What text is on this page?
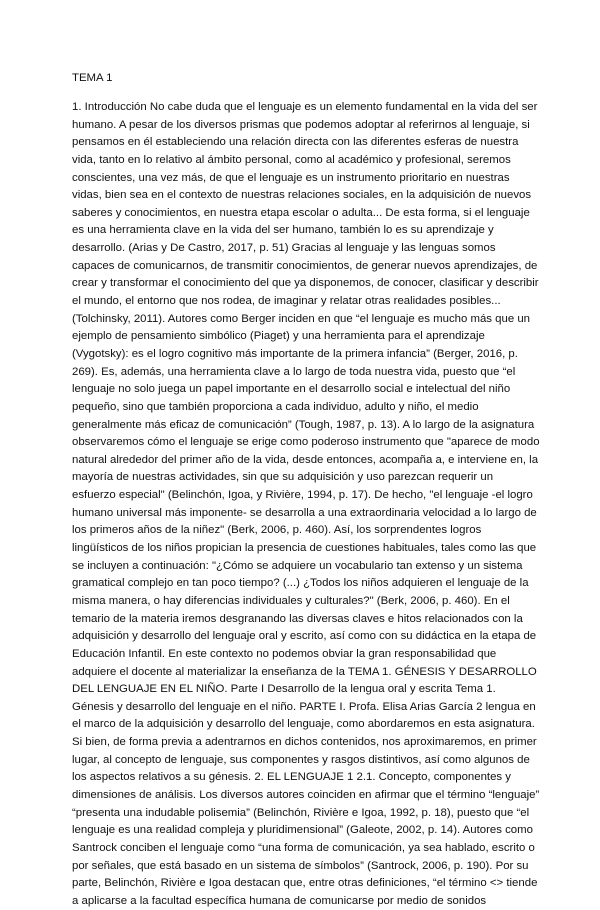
TEMA 1
1. Introducción No cabe duda que el lenguaje es un elemento fundamental en la vida del ser
humano. A pesar de los diversos prismas que podemos adoptar al referirnos al lenguaje, si
pensamos en él estableciendo una relación directa con las diferentes esferas de nuestra
vida, tanto en lo relativo al ámbito personal, como al académico y profesional, seremos
conscientes, una vez más, de que el lenguaje es un instrumento prioritario en nuestras
vidas, bien sea en el contexto de nuestras relaciones sociales, en la adquisición de nuevos
saberes y conocimientos, en nuestra etapa escolar o adulta... De esta forma, si el lenguaje
es una herramienta clave en la vida del ser humano, también lo es su aprendizaje y
desarrollo. (Arias y De Castro, 2017, p. 51) Gracias al lenguaje y las lenguas somos
capaces de comunicarnos, de transmitir conocimientos, de generar nuevos aprendizajes, de
crear y transformar el conocimiento del que ya disponemos, de conocer, clasificar y describir
el mundo, el entorno que nos rodea, de imaginar y relatar otras realidades posibles...
(Tolchinsky, 2011). Autores como Berger inciden en que “el lenguaje es mucho más que un
ejemplo de pensamiento simbólico (Piaget) y una herramienta para el aprendizaje
(Vygotsky): es el logro cognitivo más importante de la primera infancia” (Berger, 2016, p.
269). Es, además, una herramienta clave a lo largo de toda nuestra vida, puesto que “el
lenguaje no solo juega un papel importante en el desarrollo social e intelectual del niño
pequeño, sino que también proporciona a cada individuo, adulto y niño, el medio
generalmente más eficaz de comunicación” (Tough, 1987, p. 13). A lo largo de la asignatura
observaremos cómo el lenguaje se erige como poderoso instrumento que "aparece de modo
natural alrededor del primer año de la vida, desde entonces, acompaña a, e interviene en, la
mayoría de nuestras actividades, sin que su adquisición y uso parezcan requerir un
esfuerzo especial" (Belinchón, Igoa, y Rivière, 1994, p. 17). De hecho, "el lenguaje -el logro
humano universal más imponente- se desarrolla a una extraordinaria velocidad a lo largo de
los primeros años de la niñez" (Berk, 2006, p. 460). Así, los sorprendentes logros
lingüísticos de los niños propician la presencia de cuestiones habituales, tales como las que
se incluyen a continuación: "¿Cómo se adquiere un vocabulario tan extenso y un sistema
gramatical complejo en tan poco tiempo? (...) ¿Todos los niños adquieren el lenguaje de la
misma manera, o hay diferencias individuales y culturales?" (Berk, 2006, p. 460). En el
temario de la materia iremos desgranando las diversas claves e hitos relacionados con la
adquisición y desarrollo del lenguaje oral y escrito, así como con su didáctica en la etapa de
Educación Infantil. En este contexto no podemos obviar la gran responsabilidad que
adquiere el docente al materializar la enseñanza de la TEMA 1. GÉNESIS Y DESARROLLO
DEL LENGUAJE EN EL NIÑO. Parte I Desarrollo de la lengua oral y escrita Tema 1.
Génesis y desarrollo del lenguaje en el niño. PARTE I. Profa. Elisa Arias García 2 lengua en
el marco de la adquisición y desarrollo del lenguaje, como abordaremos en esta asignatura.
Si bien, de forma previa a adentrarnos en dichos contenidos, nos aproximaremos, en primer
lugar, al concepto de lenguaje, sus componentes y rasgos distintivos, así como algunos de
los aspectos relativos a su génesis. 2. EL LENGUAJE 1 2.1. Concepto, componentes y
dimensiones de análisis. Los diversos autores coinciden en afirmar que el término “lenguaje”
“presenta una indudable polisemia” (Belinchón, Rivière e Igoa, 1992, p. 18), puesto que “el
lenguaje es una realidad compleja y pluridimensional” (Galeote, 2002, p. 14). Autores como
Santrock conciben el lenguaje como “una forma de comunicación, ya sea hablado, escrito o
por señales, que está basado en un sistema de símbolos” (Santrock, 2006, p. 190). Por su
parte, Belinchón, Rivière e Igoa destacan que, entre otras definiciones, “el término <> tiende
a aplicarse a la facultad específica humana de comunicarse por medio de sonidos
